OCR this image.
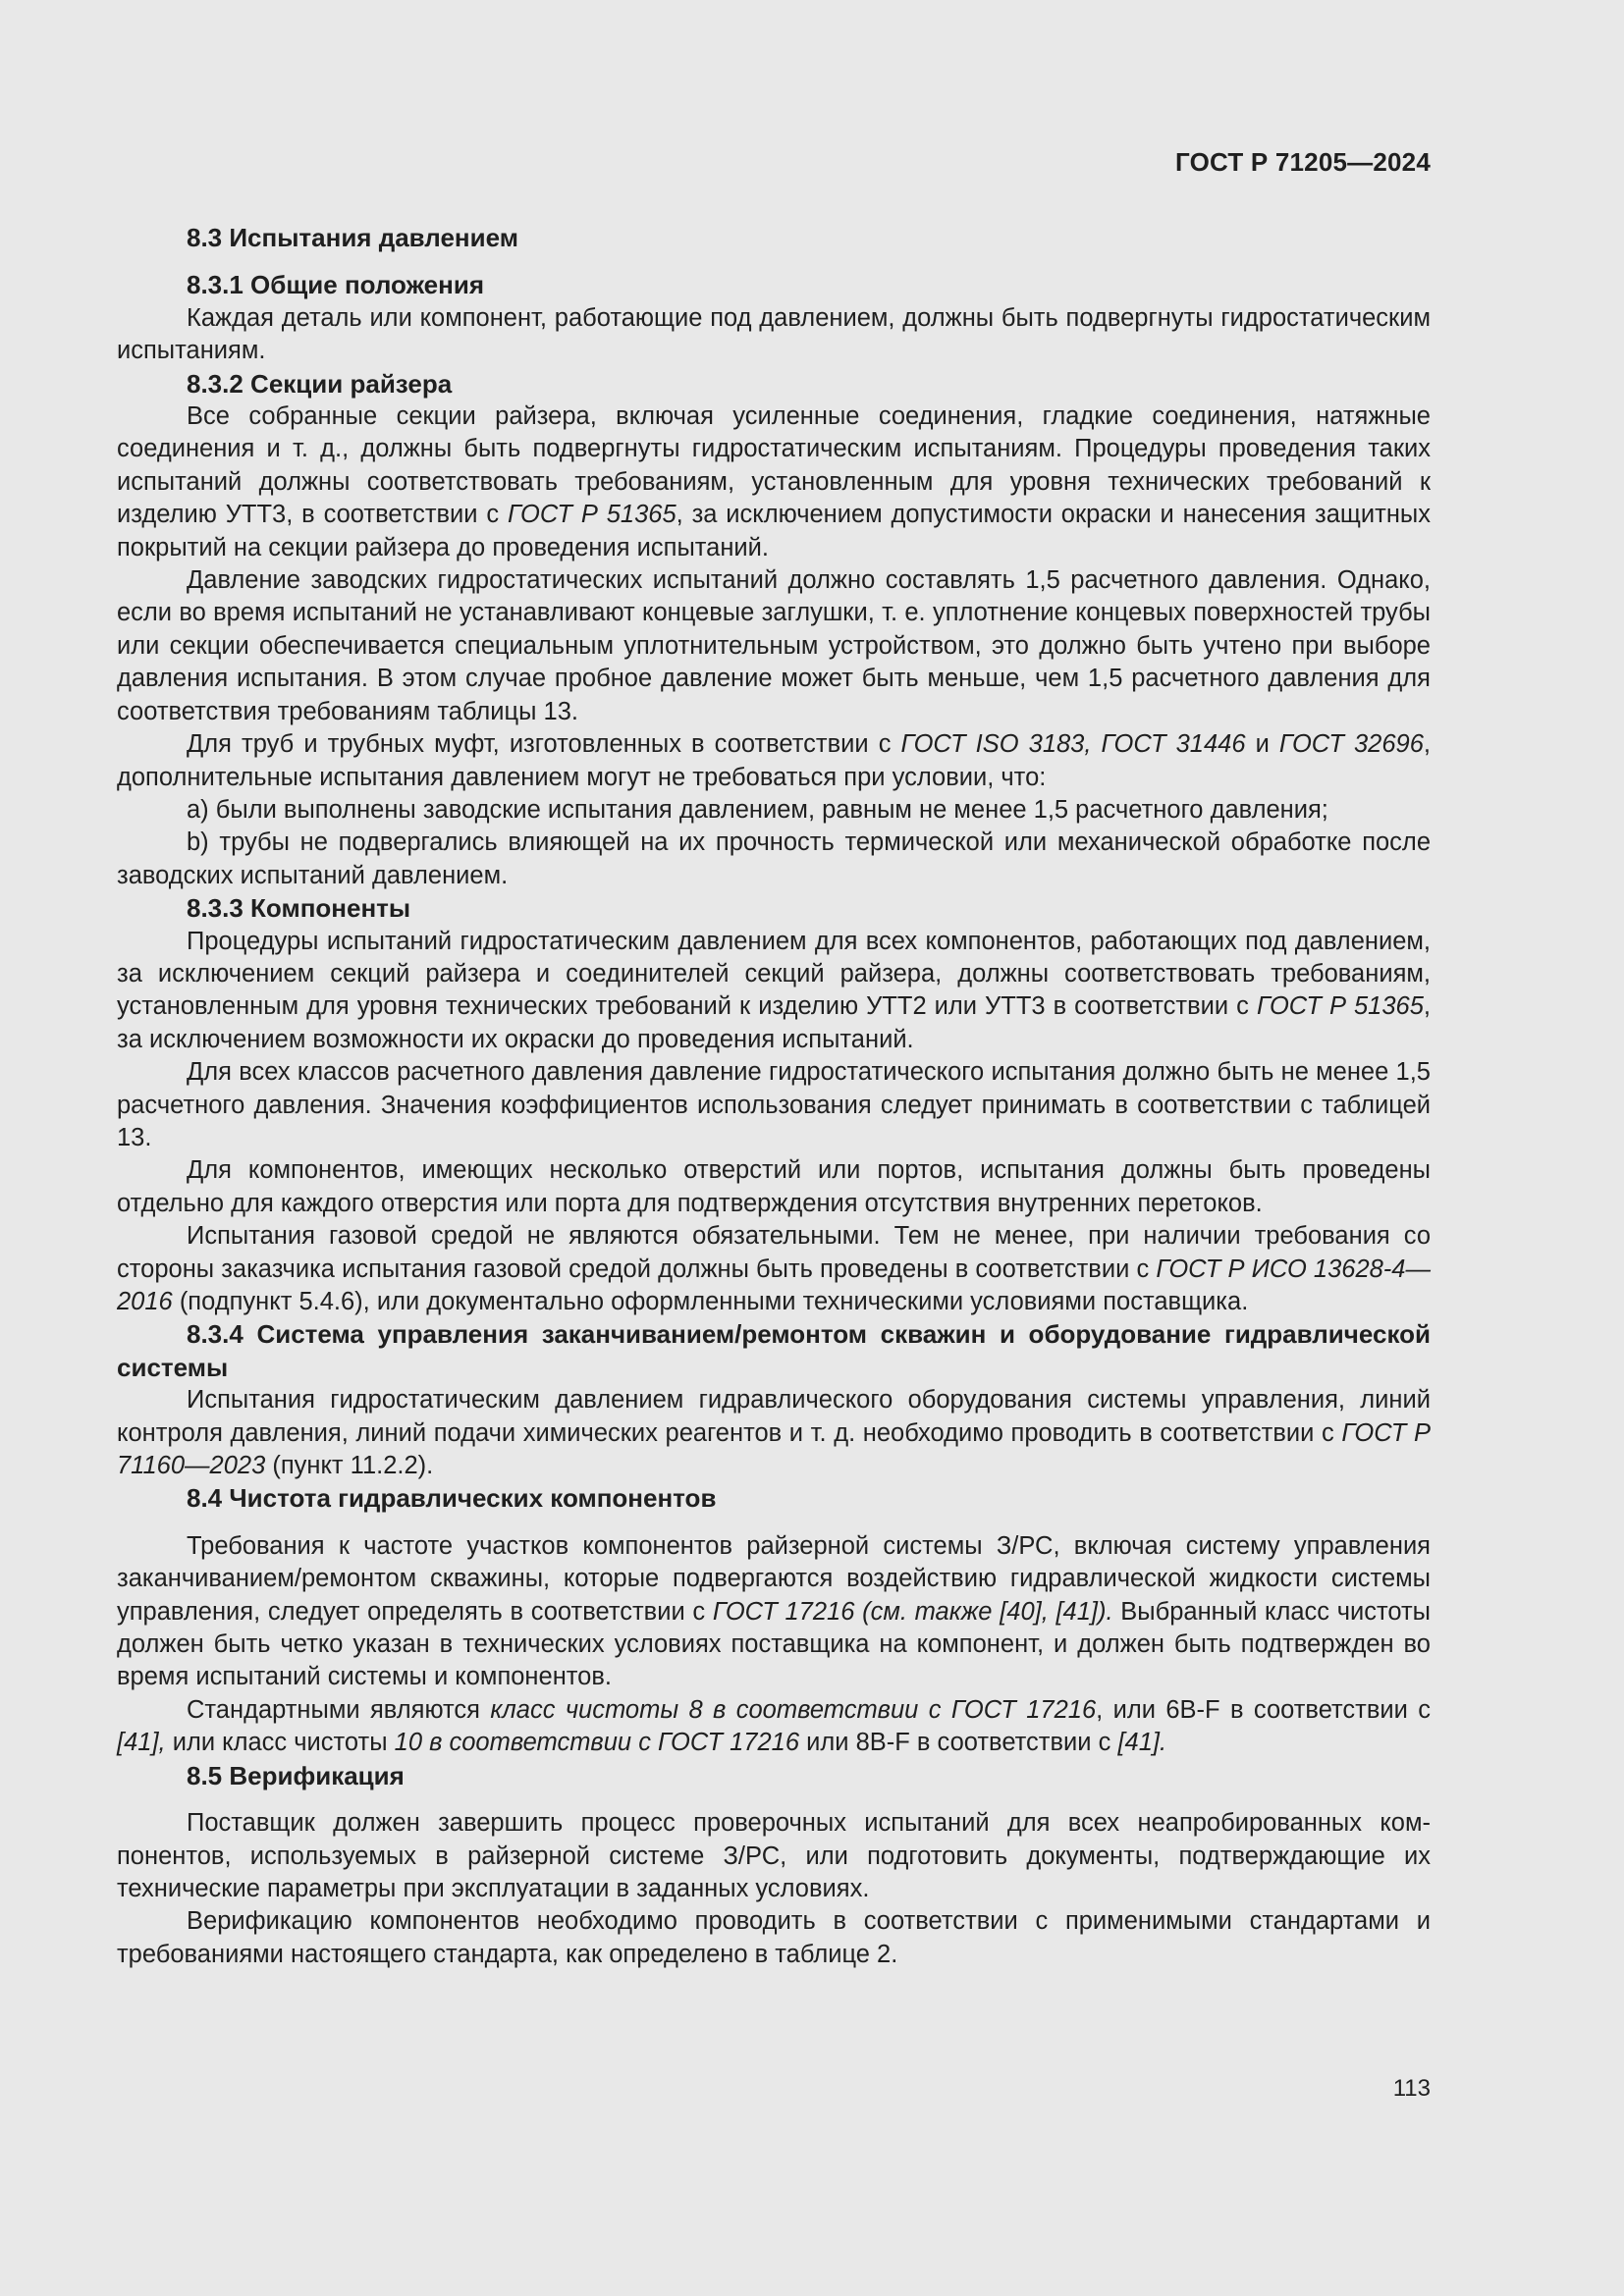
ГОСТ Р 71205—2024
8.3 Испытания давлением
8.3.1 Общие положения

Каждая деталь или компонент, работающие под давлением, должны быть подвергнуты гидростатическим испытаниям.

8.3.2 Секции райзера

Все собранные секции райзера, включая усиленные соединения, гладкие соединения, натяжные соединения и т. д., должны быть подвергнуты гидростатическим испытаниям. Процедуры проведения таких испытаний должны соответствовать требованиям, установленным для уровня технических требований к изделию УТТ3, в соответствии с ГОСТ Р 51365, за исключением допустимости окраски и нанесения защитных покрытий на секции райзера до проведения испытаний.

Давление заводских гидростатических испытаний должно составлять 1,5 расчетного давления. Однако, если во время испытаний не устанавливают концевые заглушки, т. е. уплотнение концевых поверхностей трубы или секции обеспечивается специальным уплотнительным устройством, это должно быть учтено при выборе давления испытания. В этом случае пробное давление может быть меньше, чем 1,5 расчетного давления для соответствия требованиям таблицы 13.

Для труб и трубных муфт, изготовленных в соответствии с ГОСТ ISO 3183, ГОСТ 31446 и ГОСТ 32696, дополнительные испытания давлением могут не требоваться при условии, что:

a) были выполнены заводские испытания давлением, равным не менее 1,5 расчетного давления;

b) трубы не подвергались влияющей на их прочность термической или механической обработке после заводских испытаний давлением.

8.3.3 Компоненты

Процедуры испытаний гидростатическим давлением для всех компонентов, работающих под давлением, за исключением секций райзера и соединителей секций райзера, должны соответствовать требованиям, установленным для уровня технических требований к изделию УТТ2 или УТТ3 в соответствии с ГОСТ Р 51365, за исключением возможности их окраски до проведения испытаний.

Для всех классов расчетного давления давление гидростатического испытания должно быть не менее 1,5 расчетного давления. Значения коэффициентов использования следует принимать в соответствии с таблицей 13.

Для компонентов, имеющих несколько отверстий или портов, испытания должны быть проведены отдельно для каждого отверстия или порта для подтверждения отсутствия внутренних перетоков.

Испытания газовой средой не являются обязательными. Тем не менее, при наличии требования со стороны заказчика испытания газовой средой должны быть проведены в соответствии с ГОСТ Р ИСО 13628-4—2016 (подпункт 5.4.6), или документально оформленными техническими условиями поставщика.

8.3.4 Система управления заканчиванием/ремонтом скважин и оборудование гидравлической системы

Испытания гидростатическим давлением гидравлического оборудования системы управления, линий контроля давления, линий подачи химических реагентов и т. д. необходимо проводить в соответствии с ГОСТ Р 71160—2023 (пункт 11.2.2).

8.4 Чистота гидравлических компонентов

Требования к частоте участков компонентов райзерной системы З/РС, включая систему управления заканчиванием/ремонтом скважины, которые подвергаются воздействию гидравлической жидкости системы управления, следует определять в соответствии с ГОСТ 17216 (см. также [40], [41]). Выбранный класс чистоты должен быть четко указан в технических условиях поставщика на компонент, и должен быть подтвержден во время испытаний системы и компонентов.

Стандартными являются класс чистоты 8 в соответствии с ГОСТ 17216, или 6B-F в соответствии с [41], или класс чистоты 10 в соответствии с ГОСТ 17216 или 8B-F в соответствии с [41].

8.5 Верификация

Поставщик должен завершить процесс проверочных испытаний для всех неапробированных компонентов, используемых в райзерной системе З/РС, или подготовить документы, подтверждающие их технические параметры при эксплуатации в заданных условиях.

Верификацию компонентов необходимо проводить в соответствии с применимыми стандартами и требованиями настоящего стандарта, как определено в таблице 2.

113
